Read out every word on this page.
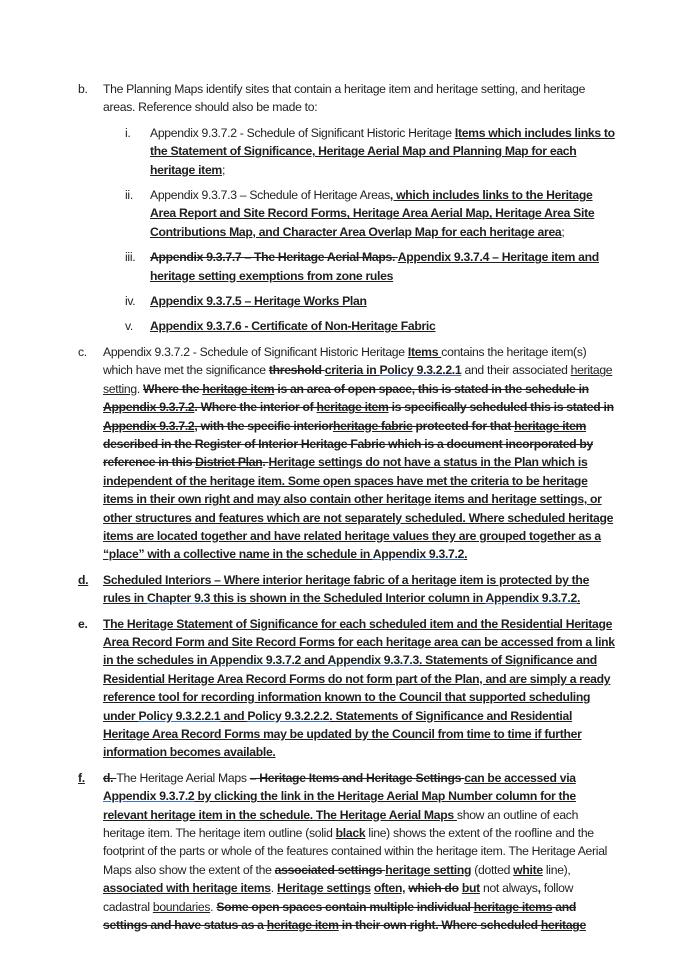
b.	The Planning Maps identify sites that contain a heritage item and heritage setting, and heritage areas. Reference should also be made to:
i.	Appendix 9.3.7.2 - Schedule of Significant Historic Heritage Items which includes links to the Statement of Significance, Heritage Aerial Map and Planning Map for each heritage item;
ii.	Appendix 9.3.7.3 – Schedule of Heritage Areas, which includes links to the Heritage Area Report and Site Record Forms, Heritage Area Aerial Map, Heritage Area Site Contributions Map, and Character Area Overlap Map for each heritage area;
iii.	Appendix 9.3.7.7 – The Heritage Aerial Maps. Appendix 9.3.7.4 – Heritage item and heritage setting exemptions from zone rules
iv.	Appendix 9.3.7.5 – Heritage Works Plan
v.	Appendix 9.3.7.6 - Certificate of Non-Heritage Fabric
c.	Appendix 9.3.7.2 - Schedule of Significant Historic Heritage Items contains the heritage item(s) which have met the significance threshold criteria in Policy 9.3.2.2.1 and their associated heritage setting. Where the heritage item is an area of open space, this is stated in the schedule in Appendix 9.3.7.2. Where the interior of heritage item is specifically scheduled this is stated in Appendix 9.3.7.2, with the specific interiorheritage fabric protected for that heritage item described in the Register of Interior Heritage Fabric which is a document incorporated by reference in this District Plan. Heritage settings do not have a status in the Plan which is independent of the heritage item. Some open spaces have met the criteria to be heritage items in their own right and may also contain other heritage items and heritage settings, or other structures and features which are not separately scheduled. Where scheduled heritage items are located together and have related heritage values they are grouped together as a “place” with a collective name in the schedule in Appendix 9.3.7.2.
d.	Scheduled Interiors – Where interior heritage fabric of a heritage item is protected by the rules in Chapter 9.3 this is shown in the Scheduled Interior column in Appendix 9.3.7.2.
e.	The Heritage Statement of Significance for each scheduled item and the Residential Heritage Area Record Form and Site Record Forms for each heritage area can be accessed from a link in the schedules in Appendix 9.3.7.2 and Appendix 9.3.7.3. Statements of Significance and Residential Heritage Area Record Forms do not form part of the Plan, and are simply a ready reference tool for recording information known to the Council that supported scheduling under Policy 9.3.2.2.1 and Policy 9.3.2.2.2. Statements of Significance and Residential Heritage Area Record Forms may be updated by the Council from time to time if further information becomes available.
f.	d. The Heritage Aerial Maps – Heritage Items and Heritage Settings can be accessed via Appendix 9.3.7.2 by clicking the link in the Heritage Aerial Map Number column for the relevant heritage item in the schedule. The Heritage Aerial Maps show an outline of each heritage item. The heritage item outline (solid black line) shows the extent of the roofline and the footprint of the parts or whole of the features contained within the heritage item. The Heritage Aerial Maps also show the extent of the associated settings heritage setting (dotted white line), associated with heritage items. Heritage settings often, which do but not always, follow cadastral boundaries. Some open spaces contain multiple individual heritage items and settings and have status as a heritage item in their own right. Where scheduled heritage
